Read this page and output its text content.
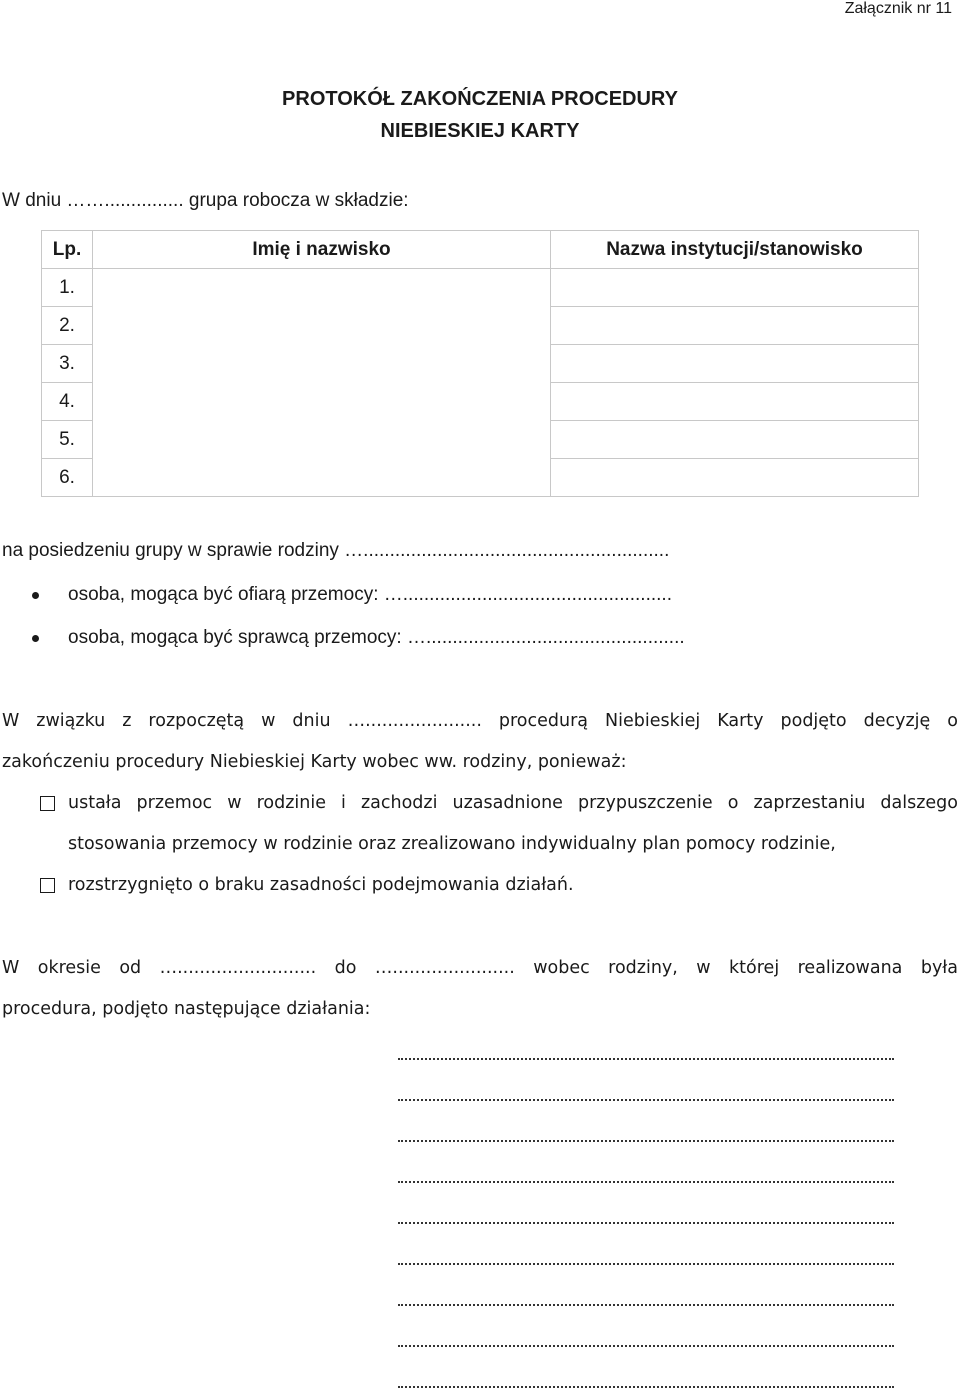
Załącznik nr 11
PROTOKÓŁ ZAKOŃCZENIA PROCEDURY
NIEBIESKIEJ KARTY
W dniu ……............... grupa robocza w składzie:
Lp.	Imię i nazwisko	Nazwa instytucji/stanowisko
1.		
2.		
3.		
4.		
5.		
6.		
na posiedzeniu grupy w sprawie rodziny …..........................................................
osoba, mogąca być ofiarą przemocy: …...................................................
osoba, mogąca być sprawcą przemocy: ….................................................
W związku z rozpoczętą w dniu …..................... procedurą Niebieskiej Karty podjęto decyzję o
zakończeniu procedury Niebieskiej Karty wobec ww. rodziny, ponieważ:
ustała przemoc w rodzinie i zachodzi uzasadnione przypuszczenie o zaprzestaniu dalszego
stosowania przemocy w rodzinie oraz zrealizowano indywidualny plan pomocy rodzinie,
rozstrzygnięto o braku zasadności podejmowania działań.
W okresie od …......................... do …...................... wobec rodziny, w której realizowana była
procedura, podjęto następujące działania:
